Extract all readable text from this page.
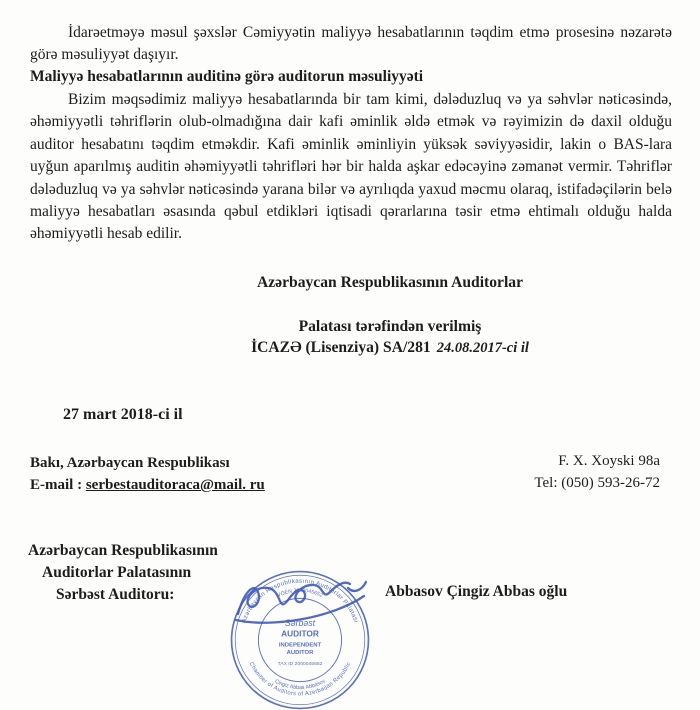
İdarəetməyə məsul şəxslər Cəmiyyətin maliyyə hesabatlarının təqdim etmə prosesinə nəzarətə görə məsuliyyət daşıyır.

Maliyyə hesabatlarının auditinə görə auditorun məsuliyyəti

Bizim məqsədimiz maliyyə hesabatlarında bir tam kimi, dələduzluq və ya səhvlər nəticəsində, əhəmiyyətli təhriflərin olub-olmadığına dair kafi əminlik əldə etmək və rəyimizin də daxil olduğu auditor hesabatını təqdim etməkdir. Kafi əminlik əminliyin yüksək səviyyəsidir, lakin o BAS-lara uyğun aparılmış auditin əhəmiyyətli təhrifləri hər bir halda aşkar edəcəyinə zəmanət vermir. Təhriflər dələduzluq və ya səhvlər nəticəsində yarana bilər və ayrılıqda yaxud məcmu olaraq, istifadəçilərin belə maliyyə hesabatları əsasında qəbul etdikləri iqtisadi qərarlarına təsir etmə ehtimalı olduğu halda əhəmiyyətli hesab edilir.

Azərbaycan Respublikasının Auditorlar

Palatası tərəfindən verilmiş

İCAZƏ (Lisenziya) SA/281 24.08.2017-ci il

27 mart 2018-ci il

Bakı, Azərbaycan Respublikası

E-mail : serbestauditoraca@mail. ru

F. X. Xoyski 98a

Tel: (050) 593-26-72

Azərbaycan Respublikasının

Auditorlar Palatasının

Sərbəst Auditoru:

Azərbaycan Respublikasının Auditorlar Palatası
Chamber of Auditors of Azerbaijan Republic
VÖEN 2000045652
Çingiz Abbas Abbasov
Sərbəst
AUDITOR
INDEPENDENT
AUDITOR
TAX ID 2000045652

Abbasov Çingiz Abbas oğlu
